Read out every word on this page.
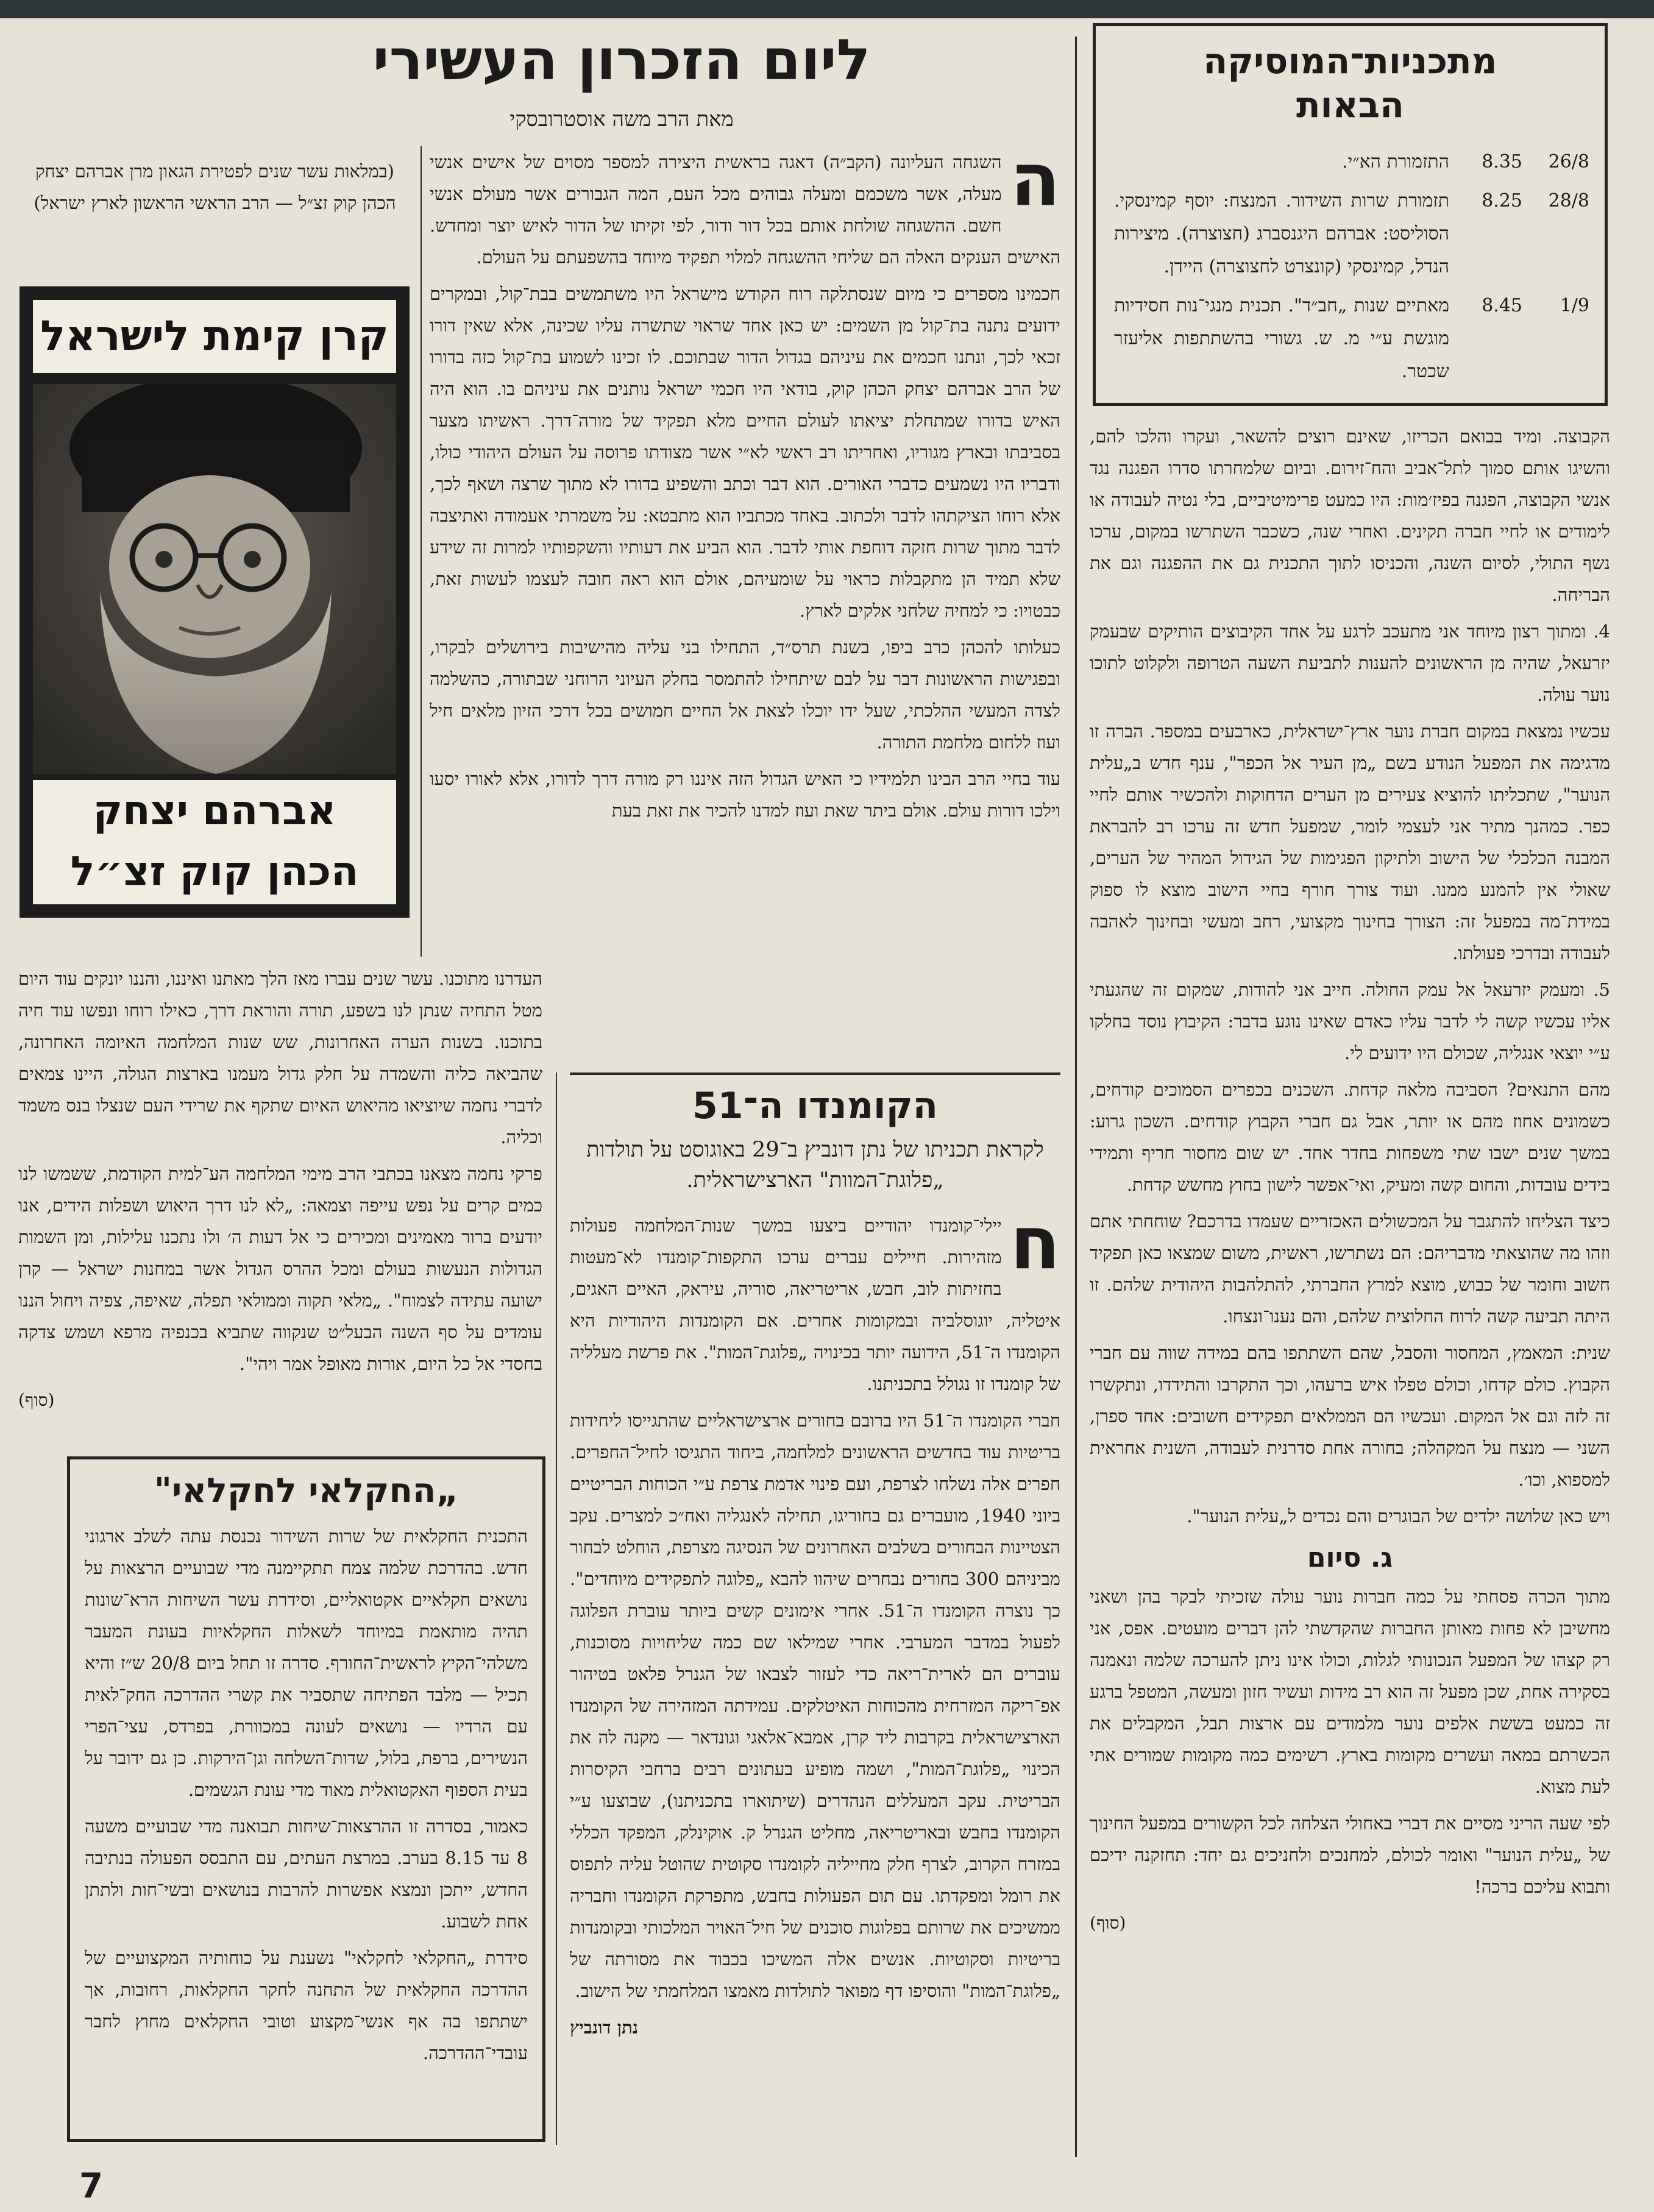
מתכניות־המוסיקה
הבאות
26/8
8.35
התזמורת הא״י.
28/8
8.25
תזמורת שרות השידור. המנצח: יוסף קמינסקי. הסוליסט: אברהם היגנסברג (חצוצרה). מיצירות הנדל, קמינסקי (קונצרט לחצוצרה) היידן.
1/9
8.45
מאתיים שנות „חב״ד". תכנית מנגי־נות חסידיות מוגשת ע״י מ. ש. גשורי בהשתתפות אליעזר שכטר.

הקבוצה. ומיד בבואם הכריזו, שאינם רוצים להשאר, ועקרו והלכו להם, והשיגו אותם סמוך לתל־אביב והח־זירום. וביום שלמחרתו סדרו הפגנה נגד אנשי הקבוצה, הפגנה בפיז׳מות: היו כמעט פרימיטיביים, בלי נטיה לעבודה או לימודים או לחיי חברה תקינים. ואחרי שנה, כשכבר השתרשו במקום, ערכו נשף התולי, לסיום השנה, והכניסו לתוך התכנית גם את ההפגנה וגם את הבריחה.

4. ומתוך רצון מיוחד אני מתעכב לרגע על אחד הקיבוצים הותיקים שבעמק יזרעאל, שהיה מן הראשונים להענות לתביעת השעה הטרופה ולקלוט לתוכו נוער עולה.

עכשיו נמצאת במקום חברת נוער ארץ־ישראלית, כארבעים במספר. הברה זו מדגימה את המפעל הנודע בשם „מן העיר אל הכפר", ענף חדש ב„עלית הנוער", שתכליתו להוציא צעירים מן הערים הדחוקות ולהכשיר אותם לחיי כפר. כמהנך מתיר אני לעצמי לומר, שמפעל חדש זה ערכו רב להבראת המבנה הכלכלי של הישוב ולתיקון הפגימות של הגידול המהיר של הערים, שאולי אין להמנע ממנו. ועוד צורך חורף בחיי הישוב מוצא לו ספוק במידת־מה במפעל זה: הצורך בחינוך מקצועי, רחב ומעשי ובחינוך לאהבה לעבודה ובדרכי פעולתו.

5. ומעמק יזרעאל אל עמק החולה. חייב אני להודות, שמקום זה שהגעתי אליו עכשיו קשה לי לדבר עליו כאדם שאינו נוגע בדבר: הקיבוץ נוסד בחלקו ע״י יוצאי אנגליה, שכולם היו ידועים לי.

מהם התנאים? הסביבה מלאה קדחת. השכנים בכפרים הסמוכים קודחים, כשמונים אחוז מהם או יותר, אבל גם חברי הקבוץ קודחים. השכון גרוע: במשך שנים ישבו שתי משפחות בחדר אחד. יש שום מחסור חריף ותמידי בידים עובדות, והחום קשה ומעיק, ואי־אפשר לישון בחוץ מחשש קדחת.

כיצד הצליחו להתגבר על המכשולים האכזריים שעמדו בדרכם? שוחחתי אתם וזהו מה שהוצאתי מדבריהם: הם נשתרשו, ראשית, משום שמצאו כאן תפקיד חשוב וחומר של כבוש, מוצא למרץ החברתי, להתלהבות היהודית שלהם. זו היתה תביעה קשה לרוח החלוצית שלהם, והם נענו־ונצחו.

שנית: המאמץ, המחסור והסבל, שהם השתתפו בהם במידה שווה עם חברי הקבוץ. כולם קדחו, וכולם טפלו איש ברעהו, וכך התקרבו והתידדו, ונתקשרו זה לזה וגם אל המקום. ועכשיו הם הממלאים תפקידים חשובים: אחד ספרן, השני — מנצח על המקהלה; בחורה אחת סדרנית לעבודה, השנית אחראית למספוא, וכו׳.

ויש כאן שלושה ילדים של הבוגרים והם נכדים ל„עלית הנוער".

ג. סיום

מתוך הכרה פסחתי על כמה חברות נוער עולה שזכיתי לבקר בהן ושאני מחשיבן לא פחות מאותן החברות שהקדשתי להן דברים מועטים. אפס, אני רק קצהו של המפעל הנכונותי לגלות, וכולו אינו ניתן להערכה שלמה ונאמנה בסקירה אחת, שכן מפעל זה הוא רב מידות ועשיר חזון ומעשה, המטפל ברגע זה כמעט בששת אלפים נוער מלמודים עם ארצות תבל, המקבלים את הכשרתם במאה ועשרים מקומות בארץ. רשימים כמה מקומות שמורים אתי לעת מצוא.

לפי שעה הריני מסיים את דברי באחולי הצלחה לכל הקשורים במפעל החינוך של „עלית הנוער" ואומר לכולם, למחנכים ולחניכים גם יחד: תחזקנה ידיכם ותבוא עליכם ברכה!

(סוף)
ליום הזכרון העשירי
מאת הרב משה אוסטרובסקי
(במלאות עשר שנים לפטירת הגאון מרן אברהם יצחק הכהן קוק זצ״ל — הרב הראשי הראשון לארץ ישראל)	ה

השגחה העליונה (הקב״ה) דאגה בראשית היצירה למספר מסוים של אישים אנשי מעלה, אשר משכמם ומעלה גבוהים מכל העם, המה הגבורים אשר מעולם אנשי חשם. ההשגחה שולחת אותם בכל דור ודור, לפי זקיתו של הדור לאיש יוצר ומחדש. האישים הענקים האלה הם שליחי ההשגחה למלוי תפקיד מיוחד בהשפעתם על העולם.

חכמינו מספרים כי מיום שנסתלקה רוח הקודש מישראל היו משתמשים בבת־קול, ובמקרים ידועים נתנה בת־קול מן השמים: יש כאן אחד שראוי שתשרה עליו שכינה, אלא שאין דורו זכאי לכך, ונתנו חכמים את עיניהם בגדול הדור שבתוכם. לו זכינו לשמוע בת־קול כזה בדורו של הרב אברהם יצחק הכהן קוק, בודאי היו חכמי ישראל נותנים את עיניהם בו. הוא היה האיש בדורו שמתחלת יציאתו לעולם החיים מלא תפקיד של מורה־דרך. ראשיתו מצער בסביבתו ובארץ מגוריו, ואחריתו רב ראשי לא״י אשר מצודתו פרוסה על העולם היהודי כולו, ודבריו היו נשמעים כדברי האורים. הוא דבר וכתב והשפיע בדורו לא מתוך שרצה ושאף לכך, אלא רוחו הציקתהו לדבר ולכתוב. באחד מכתביו הוא מתבטא: על משמרתי אעמודה ואתיצבה לדבר מתוך שרות חזקה דוחפת אותי לדבר. הוא הביע את דעותיו והשקפותיו למרות זה שידע שלא תמיד הן מתקבלות כראוי על שומעיהם, אולם הוא ראה חובה לעצמו לעשות זאת, כבטויו: כי למחיה שלחני אלקים לארץ.

כעלותו להכהן כרב ביפו, בשנת תרס״ד, התחילו בני עליה מהישיבות בירושלים לבקרו, ובפגישות הראשונות דבר על לבם שיתחילו להתמסר בחלק העיוני הרוחני שבתורה, כהשלמה לצדה המעשי ההלכתי, שעל ידו יוכלו לצאת אל החיים חמושים בכל דרכי הזיון מלאים חיל ועוז ללחום מלחמת התורה.

עוד בחיי הרב הבינו תלמידיו כי האיש הגדול הזה איננו רק מורה דרך לדורו, אלא לאורו יסעו וילכו דורות עולם. אולם ביתר שאת ועוז למדנו להכיר את זאת בעת

קרן קימת לישראל
אברהם יצחק
הכהן קוק זצ״ל

העדרנו מתוכנו. עשר שנים עברו מאז הלך מאתנו ואיננו, והננו יונקים עוד היום מטל התחיה שנתן לנו בשפע, תורה והוראת דרך, כאילו רוחו ונפשו עוד חיה בתוכנו. בשנות הערה האחרונות, שש שנות המלחמה האיומה האחרונה, שהביאה כליה והשמדה על חלק גדול מעמנו בארצות הגולה, היינו צמאים לדברי נחמה שיוציאו מהיאוש האיום שתקף את שרידי העם שנצלו בנס משמד וכליה.

פרקי נחמה מצאנו בכתבי הרב מימי המלחמה הע־למית הקודמת, ששמשו לנו כמים קרים על נפש עייפה וצמאה: „לא לנו דרך היאוש ושפלות הידים, אנו יודעים ברור מאמינים ומכירים כי אל דעות ה׳ ולו נתכנו עלילות, ומן השמות הגדולות הנעשות בעולם ומכל ההרס הגדול אשר במחנות ישראל — קרן ישועה עתידה לצמוח". „מלאי תקוה וממולאי תפלה, שאיפה, צפיה ויחול הננו עומדים על סף השנה הבעל״ט שנקווה שתביא בכנפיה מרפא ושמש צדקה בחסדי אל כל היום, אורות מאופל אמר ויהי".

(סוף)
הקומנדו ה־51
לקראת תכניתו של נתן דונביץ ב־29 באוגוסט על תולדות „פלוגת־המוות" הארצישראלית.
ח

יילי־קומנדו יהודיים ביצעו במשך שנות־המלחמה פעולות מזהירות. חיילים עברים ערכו התקפות־קומנדו לא־מעטות בחזיתות לוב, חבש, אריטריאה, סוריה, עיראק, האיים האגים, איטליה, יוגוסלביה ובמקומות אחרים. אם הקומנדות היהודיות היא הקומנדו ה־51, הידועה יותר בכינויה „פלוגת־המות". את פרשת מעלליה של קומנדו זו נגולל בתכניתנו.

חברי הקומנדו ה־51 היו ברובם בחורים ארצישראליים שהתגייסו ליחידות בריטיות עוד בחדשים הראשונים למלחמה, ביחוד התגיסו לחיל־החפרים. חפרים אלה נשלחו לצרפת, ועם פינוי אדמת צרפת ע״י הכוחות הבריטיים ביוני 1940, מועברים גם בחוריגו, תחילה לאנגליה ואח״כ למצרים. עקב הצטיינות הבחורים בשלבים האחרונים של הנסיגה מצרפת, הוחלט לבחור מביניהם 300 בחורים נבחרים שיהוו להבא „פלוגה לתפקידים מיוחדים". כך נוצרה הקומנדו ה־51. אחרי אימונים קשים ביותר עוברת הפלוגה לפעול במדבר המערבי. אחרי שמילאו שם כמה שליחויות מסוכנות, עוברים הם לארית־ריאה כדי לעזור לצבאו של הגנרל פלאט בטיהור אפ־ריקה המזרחית מהכוחות האיטלקים. עמידתה המזהירה של הקומנדו הארצישראלית בקרבות ליד קרן, אמבא־אלאגי וגונדאר — מקנה לה את הכינוי „פלוגת־המות", ושמה מופיע בעתונים רבים ברחבי הקיסרות הבריטית. עקב המעללים הנהדרים (שיתוארו בתכניתנו), שבוצעו ע״י הקומנדו בחבש ובאריטריאה, מחליט הגנרל ק. אוקינלק, המפקד הכללי במזרח הקרוב, לצרף חלק מחייליה לקומנדו סקוטית שהוטל עליה לתפוס את רומל ומפקדתו. עם תום הפעולות בחבש, מתפרקת הקומנדו וחבריה ממשיכים את שרותם בפלוגות סוכנים של חיל־האויר המלכותי ובקומנדות בריטיות וסקוטיות. אנשים אלה המשיכו בכבוד את מסורתה של „פלוגת־המות" והוסיפו דף מפואר לתולדות מאמצו המלחמתי של הישוב.

נתן דונביץ
„החקלאי לחקלאי"

התכנית החקלאית של שרות השידור נכנסת עתה לשלב ארגוני חדש. בהדרכת שלמה צמח תתקיימנה מדי שבועיים הרצאות על נושאים חקלאיים אקטואליים, וסידרת עשר השיחות הרא־שונות תהיה מותאמת במיוחד לשאלות החקלאיות בעונת המעבר משלהי־הקיץ לראשית־החורף. סדרה זו תחל ביום 20/8 ש״ז והיא תכיל — מלבד הפתיחה שתסביר את קשרי ההדרכה החק־לאית עם הרדיו — נושאים לעונה במכוורת, בפרדס, עצי־הפרי הנשירים, ברפת, בלול, שדות־השלחה וגן־הירקות. כן גם ידובר על בעית הספוף האקטואלית מאוד מדי עונת הגשמים.

כאמור, בסדרה זו ההרצאות־שיחות תבואנה מדי שבועיים משעה 8 עד 8.15 בערב. במרצת העתים, עם התבסס הפעולה בנתיבה החדש, ייתכן ונמצא אפשרות להרבות בנושאים ובשי־חות ולתתן אחת לשבוע.

סידרת „החקלאי לחקלאי" נשענת על כוחותיה המקצועיים של ההדרכה החקלאית של התחנה לחקר החקלאות, רחובות, אך ישתתפו בה אף אנשי־מקצוע וטובי החקלאים מחוץ לחבר עובדי־ההדרכה.

7
